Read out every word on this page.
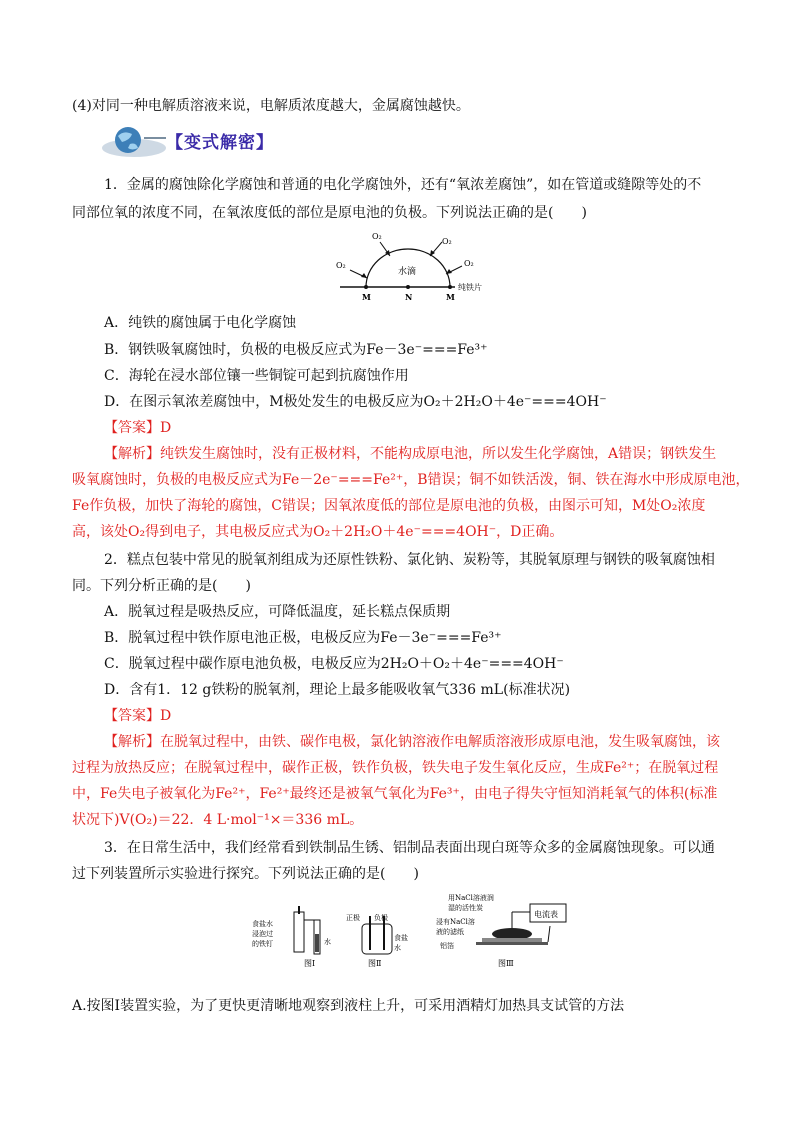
(4)对同一种电解质溶液来说，电解质浓度越大，金属腐蚀越快。
【变式解密】
1．金属的腐蚀除化学腐蚀和普通的电化学腐蚀外，还有“氧浓差腐蚀”，如在管道或缝隙等处的不
同部位氧的浓度不同，在氧浓度低的部位是原电池的负极。下列说法正确的是(　　)
O₂
O₂
O₂
O₂
水滴
M	N	M
纯铁片
A．纯铁的腐蚀属于电化学腐蚀
B．钢铁吸氧腐蚀时，负极的电极反应式为Fe－3e⁻===Fe³⁺
C．海轮在浸水部位镶一些铜锭可起到抗腐蚀作用
D．在图示氧浓差腐蚀中，M极处发生的电极反应为O₂＋2H₂O＋4e⁻===4OH⁻
【答案】D
【解析】纯铁发生腐蚀时，没有正极材料，不能构成原电池，所以发生化学腐蚀，A错误；钢铁发生
吸氧腐蚀时，负极的电极反应式为Fe－2e⁻===Fe²⁺，B错误；铜不如铁活泼，铜、铁在海水中形成原电池，
Fe作负极，加快了海轮的腐蚀，C错误；因氧浓度低的部位是原电池的负极，由图示可知，M处O₂浓度
高，该处O₂得到电子，其电极反应式为O₂＋2H₂O＋4e⁻===4OH⁻，D正确。
2．糕点包装中常见的脱氧剂组成为还原性铁粉、氯化钠、炭粉等，其脱氧原理与钢铁的吸氧腐蚀相
同。下列分析正确的是(　　)
A．脱氧过程是吸热反应，可降低温度，延长糕点保质期
B．脱氧过程中铁作原电池正极，电极反应为Fe－3e⁻===Fe³⁺
C．脱氧过程中碳作原电池负极，电极反应为2H₂O＋O₂＋4e⁻===4OH⁻
D．含有1．12 g铁粉的脱氧剂，理论上最多能吸收氧气336 mL(标准状况)
【答案】D
【解析】在脱氧过程中，由铁、碳作电极，氯化钠溶液作电解质溶液形成原电池，发生吸氧腐蚀，该
过程为放热反应；在脱氧过程中，碳作正极，铁作负极，铁失电子发生氧化反应，生成Fe²⁺；在脱氧过程
中，Fe失电子被氧化为Fe²⁺，Fe²⁺最终还是被氧气氧化为Fe³⁺，由电子得失守恒知消耗氧气的体积(标准
状况下)V(O₂)＝22．4 L·mol⁻¹×＝336 mL。
3．在日常生活中，我们经常看到铁制品生锈、铝制品表面出现白斑等众多的金属腐蚀现象。可以通
过下列装置所示实验进行探究。下列说法正确的是(　　)
食盐水
浸泡过
的铁钉	水
图Ⅰ
正极 负极
食盐
水
图Ⅱ
用NaCl溶液润
湿的活性炭
浸有NaCl溶
液的滤纸
铝箔
电流表
图Ⅲ
A.按图Ⅰ装置实验，为了更快更清晰地观察到液柱上升，可采用酒精灯加热具支试管的方法
